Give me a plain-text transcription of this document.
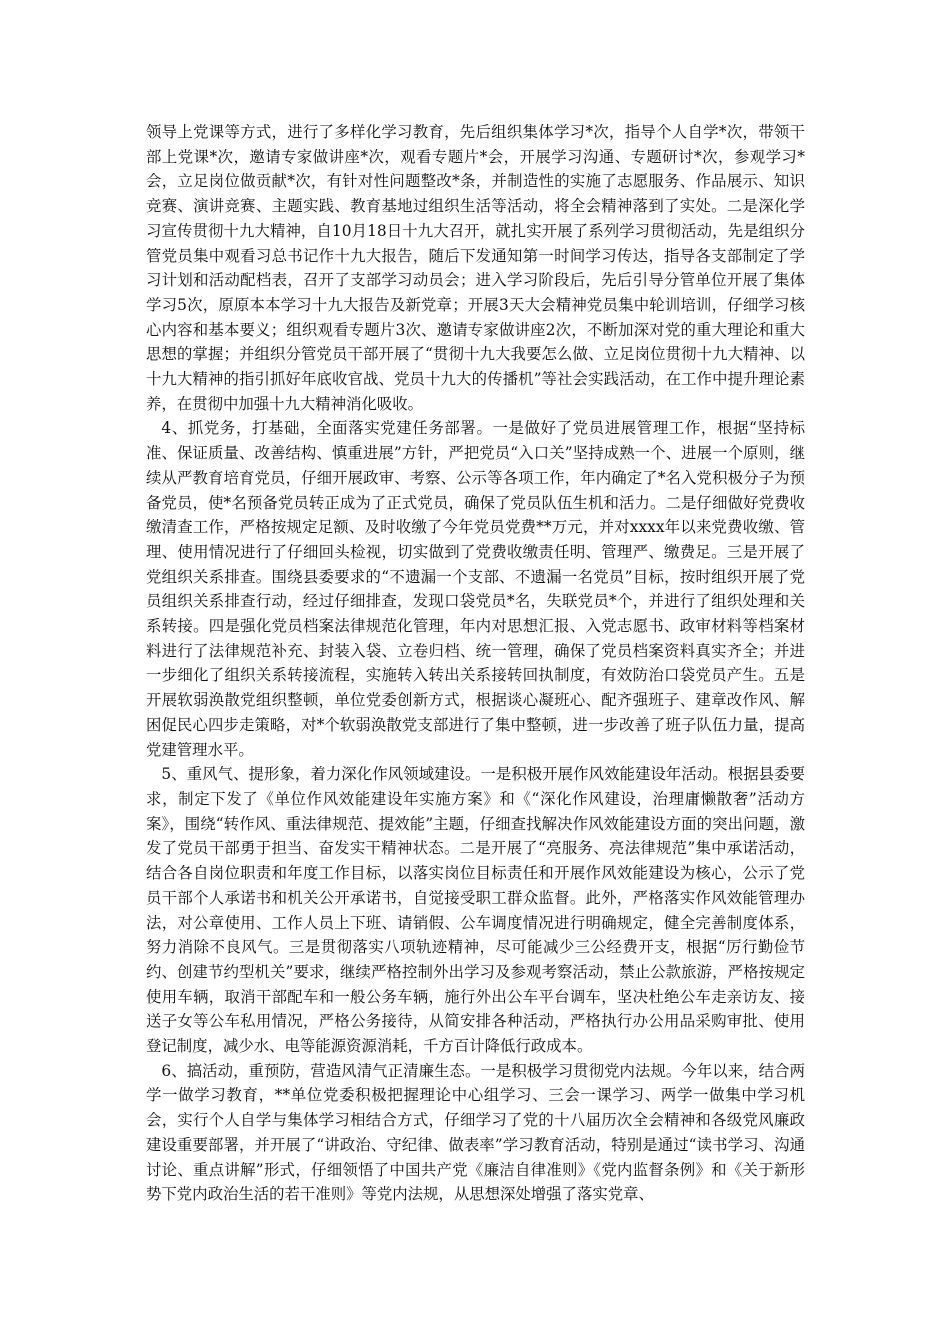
领导上党课等方式，进行了多样化学习教育，先后组织集体学习*次，指导个人自学*次，带领干部上党课*次，邀请专家做讲座*次，观看专题片*会，开展学习沟通、专题研讨*次，参观学习*会，立足岗位做贡献*次，有针对性问题整改*条，并制造性的实施了志愿服务、作品展示、知识竞赛、演讲竞赛、主题实践、教育基地过组织生活等活动，将全会精神落到了实处。二是深化学习宣传贯彻十九大精神，自10月18日十九大召开，就扎实开展了系列学习贯彻活动，先是组织分管党员集中观看习总书记作十九大报告，随后下发通知第一时间学习传达，指导各支部制定了学习计划和活动配档表，召开了支部学习动员会；进入学习阶段后，先后引导分管单位开展了集体学习5次，原原本本学习十九大报告及新党章；开展3天大会精神党员集中轮训培训，仔细学习核心内容和基本要义；组织观看专题片3次、邀请专家做讲座2次，不断加深对党的重大理论和重大思想的掌握；并组织分管党员干部开展了“贯彻十九大我要怎么做、立足岗位贯彻十九大精神、以十九大精神的指引抓好年底收官战、党员十九大的传播机”等社会实践活动，在工作中提升理论素养，在贯彻中加强十九大精神消化吸收。

4、抓党务，打基础，全面落实党建任务部署。一是做好了党员进展管理工作，根据“坚持标准、保证质量、改善结构、慎重进展”方针，严把党员“入口关”坚持成熟一个、进展一个原则，继续从严教育培育党员，仔细开展政审、考察、公示等各项工作，年内确定了*名入党积极分子为预备党员，使*名预备党员转正成为了正式党员，确保了党员队伍生机和活力。二是仔细做好党费收缴清查工作，严格按规定足额、及时收缴了今年党员党费**万元，并对xxxx年以来党费收缴、管理、使用情况进行了仔细回头检视，切实做到了党费收缴责任明、管理严、缴费足。三是开展了党组织关系排查。围绕县委要求的“不遗漏一个支部、不遗漏一名党员”目标，按时组织开展了党员组织关系排查行动，经过仔细排查，发现口袋党员*名，失联党员*个，并进行了组织处理和关系转接。四是强化党员档案法律规范化管理，年内对思想汇报、入党志愿书、政审材料等档案材料进行了法律规范补充、封装入袋、立卷归档、统一管理，确保了党员档案资料真实齐全；并进一步细化了组织关系转接流程，实施转入转出关系接转回执制度，有效防治口袋党员产生。五是开展软弱涣散党组织整顿，单位党委创新方式，根据谈心凝班心、配齐强班子、建章改作风、解困促民心四步走策略，对*个软弱涣散党支部进行了集中整顿，进一步改善了班子队伍力量，提高党建管理水平。

5、重风气、提形象，着力深化作风领域建设。一是积极开展作风效能建设年活动。根据县委要求，制定下发了《单位作风效能建设年实施方案》和《“深化作风建设，治理庸懒散奢”活动方案》，围绕“转作风、重法律规范、提效能”主题，仔细查找解决作风效能建设方面的突出问题，激发了党员干部勇于担当、奋发实干精神状态。二是开展了“亮服务、亮法律规范”集中承诺活动，结合各自岗位职责和年度工作目标，以落实岗位目标责任和开展作风效能建设为核心，公示了党员干部个人承诺书和机关公开承诺书，自觉接受职工群众监督。此外，严格落实作风效能管理办法，对公章使用、工作人员上下班、请销假、公车调度情况进行明确规定，健全完善制度体系，努力消除不良风气。三是贯彻落实八项轨迹精神，尽可能减少三公经费开支，根据“厉行勤俭节约、创建节约型机关”要求，继续严格控制外出学习及参观考察活动，禁止公款旅游，严格按规定使用车辆，取消干部配车和一般公务车辆，施行外出公车平台调车，坚决杜绝公车走亲访友、接送子女等公车私用情况，严格公务接待，从简安排各种活动，严格执行办公用品采购审批、使用登记制度，减少水、电等能源资源消耗，千方百计降低行政成本。

6、搞活动，重预防，营造风清气正清廉生态。一是积极学习贯彻党内法规。今年以来，结合两学一做学习教育，**单位党委积极把握理论中心组学习、三会一课学习、两学一做集中学习机会，实行个人自学与集体学习相结合方式，仔细学习了党的十八届历次全会精神和各级党风廉政建设重要部署，并开展了“讲政治、守纪律、做表率”学习教育活动，特别是通过“读书学习、沟通讨论、重点讲解”形式，仔细领悟了中国共产党《廉洁自律准则》《党内监督条例》和《关于新形势下党内政治生活的若干准则》等党内法规，从思想深处增强了落实党章、
